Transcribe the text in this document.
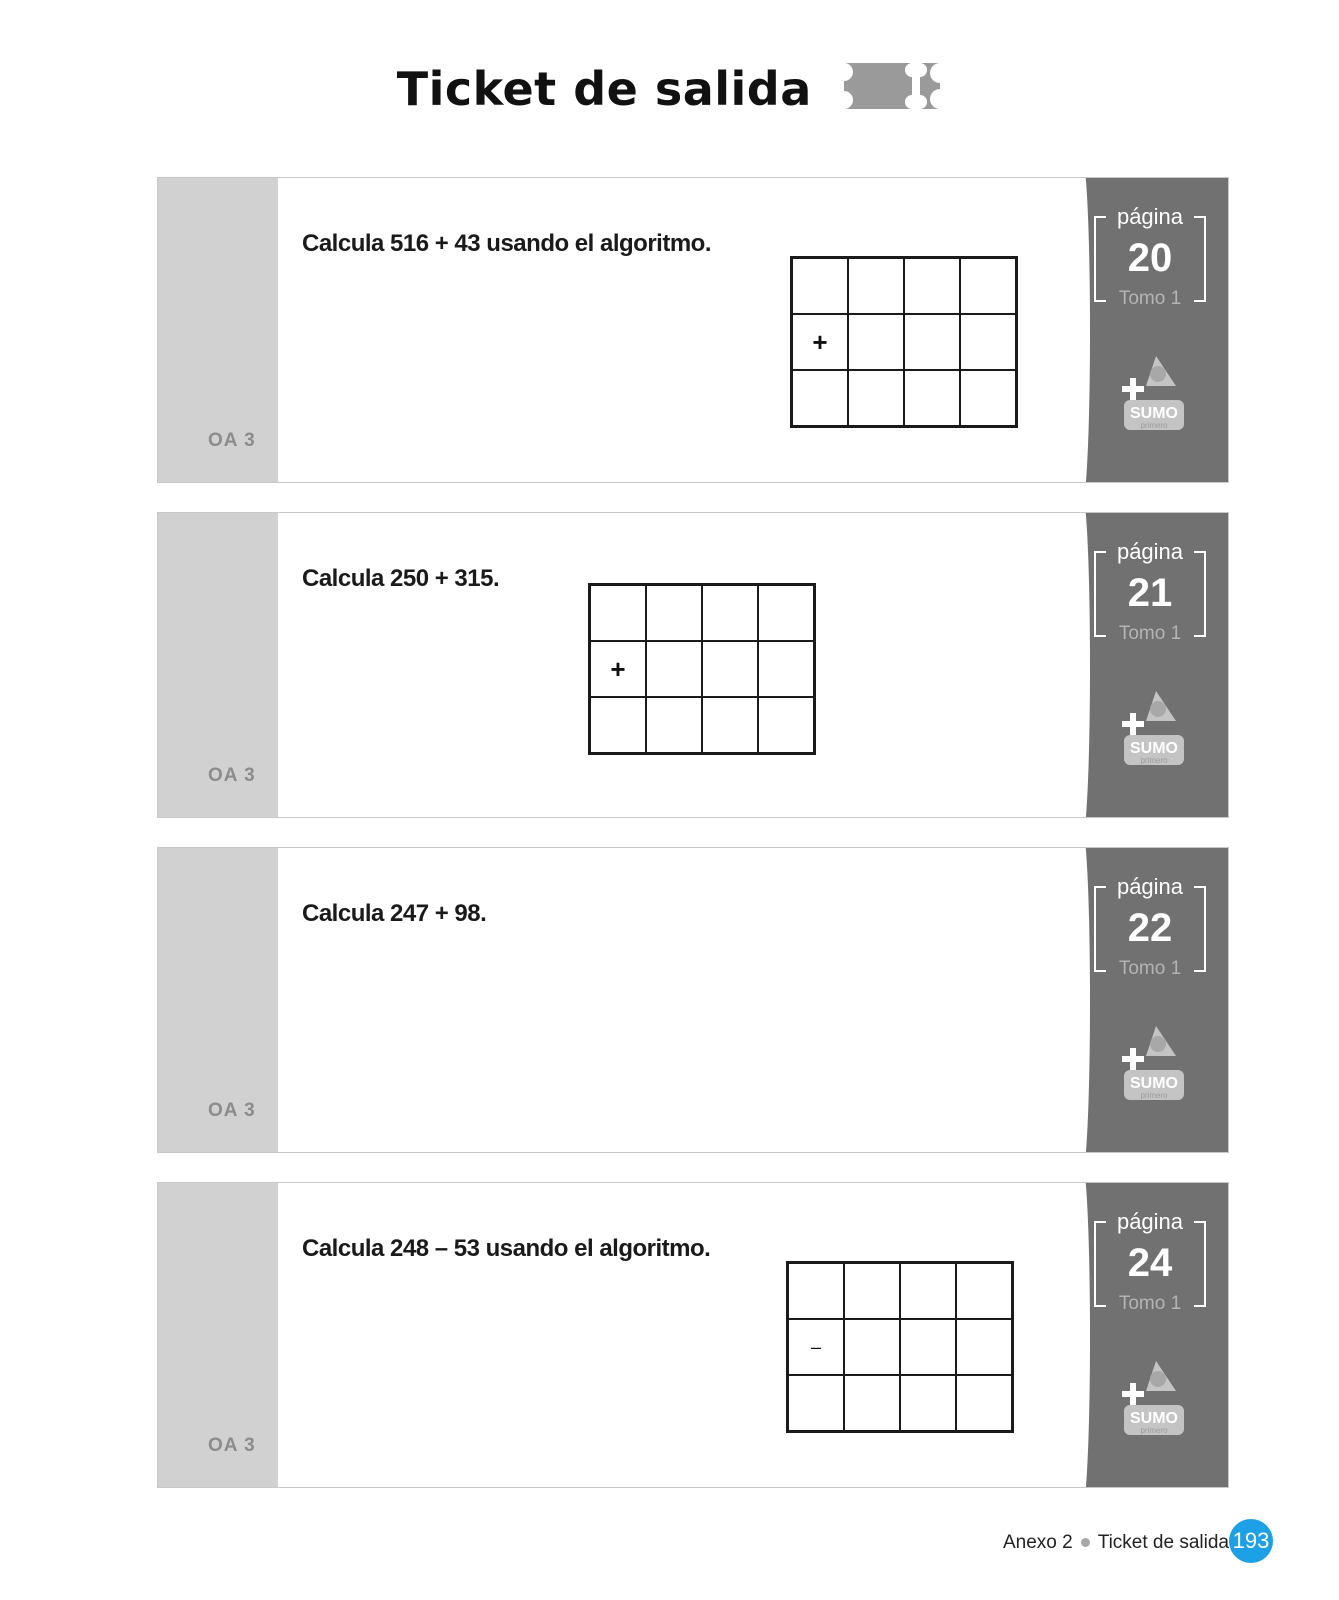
Ticket de salida
OA 3
Calcula 516 + 43 usando el algoritmo.

+			

página
20
Tomo 1
SUMO
primero
OA 3
Calcula 250 + 315.

+			

página
21
Tomo 1
SUMO
primero
OA 3
Calcula 247 + 98.
página
22
Tomo 1
SUMO
primero
OA 3
Calcula 248 – 53 usando el algoritmo.

–			

página
24
Tomo 1
SUMO
primero
Anexo 2 Ticket de salida 193
